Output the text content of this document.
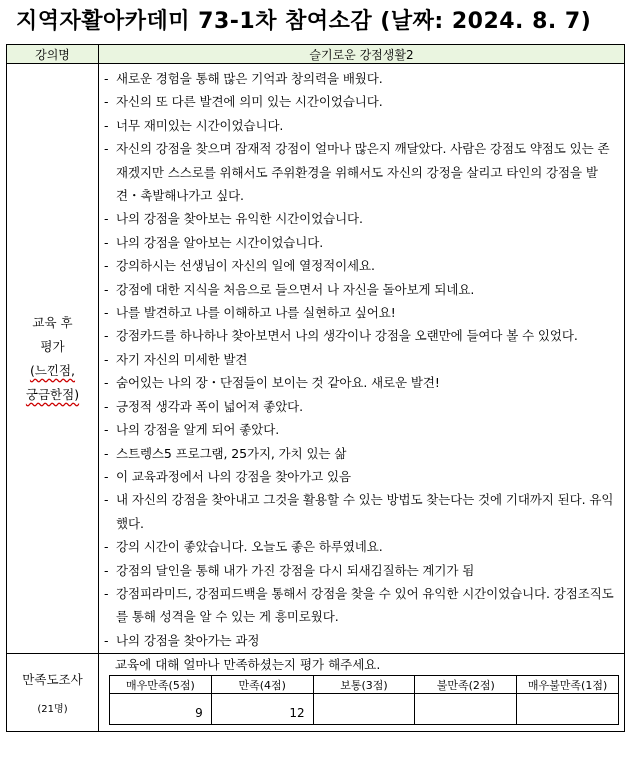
지역자활아카데미 73-1차 참여소감 (날짜: 2024. 8. 7)
강의명	슬기로운 강점생활2

교육 후
평가
(느낀점,
궁금한점)

- 새로운 경험을 통해 많은 기억과 창의력을 배웠다.
- 자신의 또 다른 발견에 의미 있는 시간이었습니다.
- 너무 재미있는 시간이었습니다.
- 자신의 강점을 찾으며 잠재적 강점이 얼마나 많은지 깨달았다. 사람은 강점도 약점도 있는 존재겠지만 스스로를 위해서도 주위환경을 위해서도 자신의 강정을 살리고 타인의 강점을 발견・촉발해나가고 싶다.
- 나의 강점을 찾아보는 유익한 시간이었습니다.
- 나의 강점을 알아보는 시간이었습니다.
- 강의하시는 선생님이 자신의 일에 열정적이세요.
- 강점에 대한 지식을 처음으로 들으면서 나 자신을 돌아보게 되네요.
- 나를 발견하고 나를 이해하고 나를 실현하고 싶어요!
- 강점카드를 하나하나 찾아보면서 나의 생각이나 강점을 오랜만에 들여다 볼 수 있었다.
- 자기 자신의 미세한 발견
- 숨어있는 나의 장・단점들이 보이는 것 같아요. 새로운 발견!
- 긍정적 생각과 폭이 넓어져 좋았다.
- 나의 강점을 알게 되어 좋았다.
- 스트렝스5 프로그램, 25가지, 가치 있는 삶
- 이 교육과정에서 나의 강점을 찾아가고 있음
- 내 자신의 강점을 찾아내고 그것을 활용할 수 있는 방법도 찾는다는 것에 기대까지 된다. 유익했다.
- 강의 시간이 좋았습니다. 오늘도 좋은 하루였네요.
- 강점의 달인을 통해 내가 가진 강점을 다시 되새김질하는 계기가 됨
- 강점피라미드, 강점피드백을 통해서 강점을 찾을 수 있어 유익한 시간이었습니다. 강점조직도를 통해 성격을 알 수 있는 게 흥미로웠다.
- 나의 강점을 찾아가는 과정

만족도조사
(21명)

교육에 대해 얼마나 만족하셨는지 평가 해주세요.
매우만족(5점)	만족(4점)	보통(3점)	불만족(2점)	매우불만족(1점)
9	12			
